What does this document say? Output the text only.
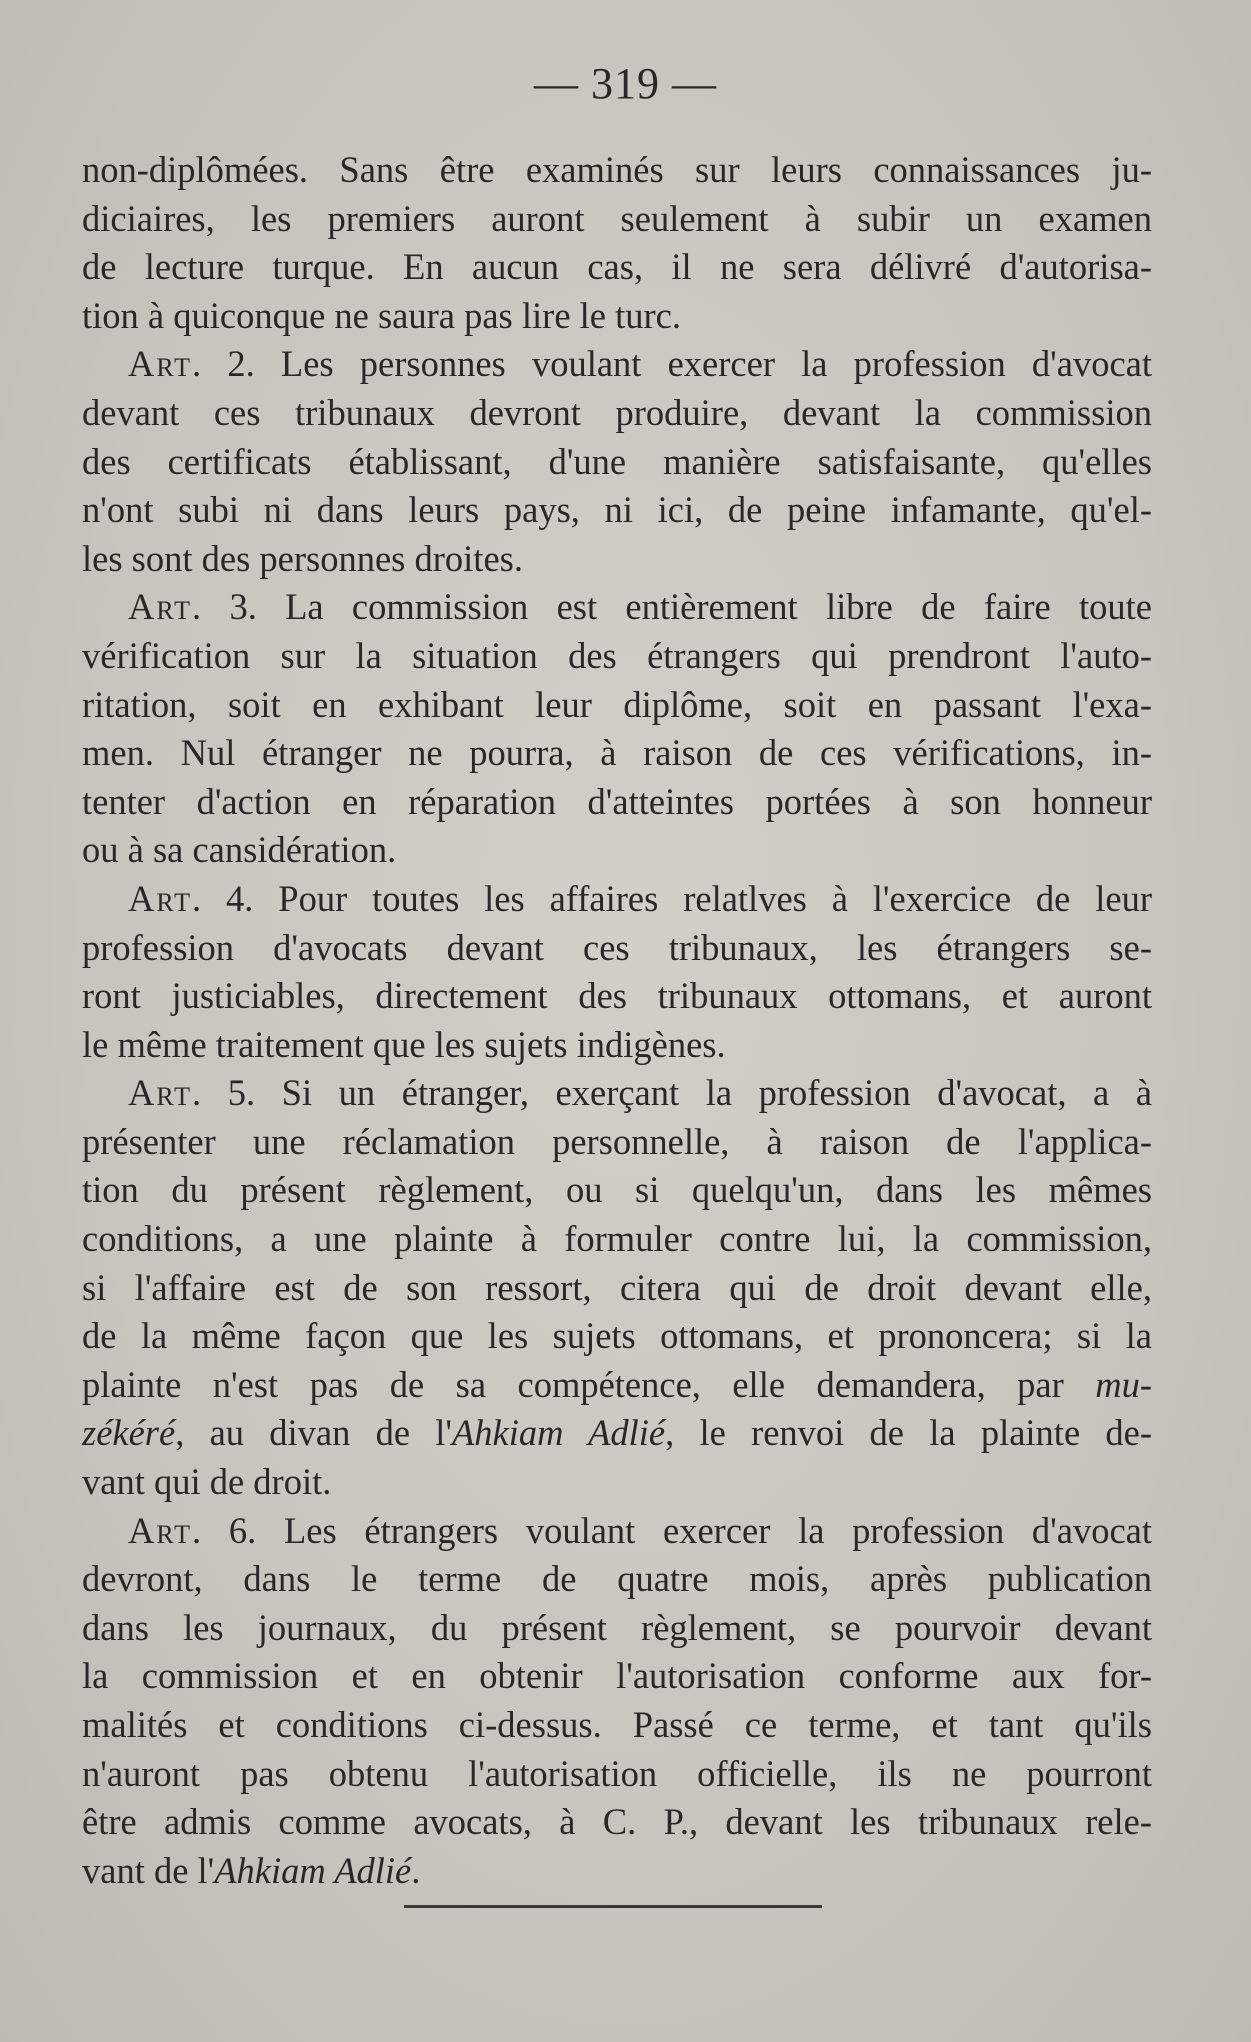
— 319 —
non-diplômées. Sans être examinés sur leurs connaissances ju-
diciaires, les premiers auront seulement à subir un examen
de lecture turque. En aucun cas, il ne sera délivré d'autorisa-
tion à quiconque ne saura pas lire le turc.
Art. 2. Les personnes voulant exercer la profession d'avocat
devant ces tribunaux devront produire, devant la commission
des certificats établissant, d'une manière satisfaisante, qu'elles
n'ont subi ni dans leurs pays, ni ici, de peine infamante, qu'el-
les sont des personnes droites.
Art. 3. La commission est entièrement libre de faire toute
vérification sur la situation des étrangers qui prendront l'auto-
ritation, soit en exhibant leur diplôme, soit en passant l'exa-
men. Nul étranger ne pourra, à raison de ces vérifications, in-
tenter d'action en réparation d'atteintes portées à son honneur
ou à sa cansidération.
Art. 4. Pour toutes les affaires relatlves à l'exercice de leur
profession d'avocats devant ces tribunaux, les étrangers se-
ront justiciables, directement des tribunaux ottomans, et auront
le même traitement que les sujets indigènes.
Art. 5. Si un étranger, exerçant la profession d'avocat, a à
présenter une réclamation personnelle, à raison de l'applica-
tion du présent règlement, ou si quelqu'un, dans les mêmes
conditions, a une plainte à formuler contre lui, la commission,
si l'affaire est de son ressort, citera qui de droit devant elle,
de la même façon que les sujets ottomans, et prononcera; si la
plainte n'est pas de sa compétence, elle demandera, par mu-
zékéré, au divan de l'Ahkiam Adlié, le renvoi de la plainte de-
vant qui de droit.
Art. 6. Les étrangers voulant exercer la profession d'avocat
devront, dans le terme de quatre mois, après publication
dans les journaux, du présent règlement, se pourvoir devant
la commission et en obtenir l'autorisation conforme aux for-
malités et conditions ci-dessus. Passé ce terme, et tant qu'ils
n'auront pas obtenu l'autorisation officielle, ils ne pourront
être admis comme avocats, à C. P., devant les tribunaux rele-
vant de l'Ahkiam Adlié.
